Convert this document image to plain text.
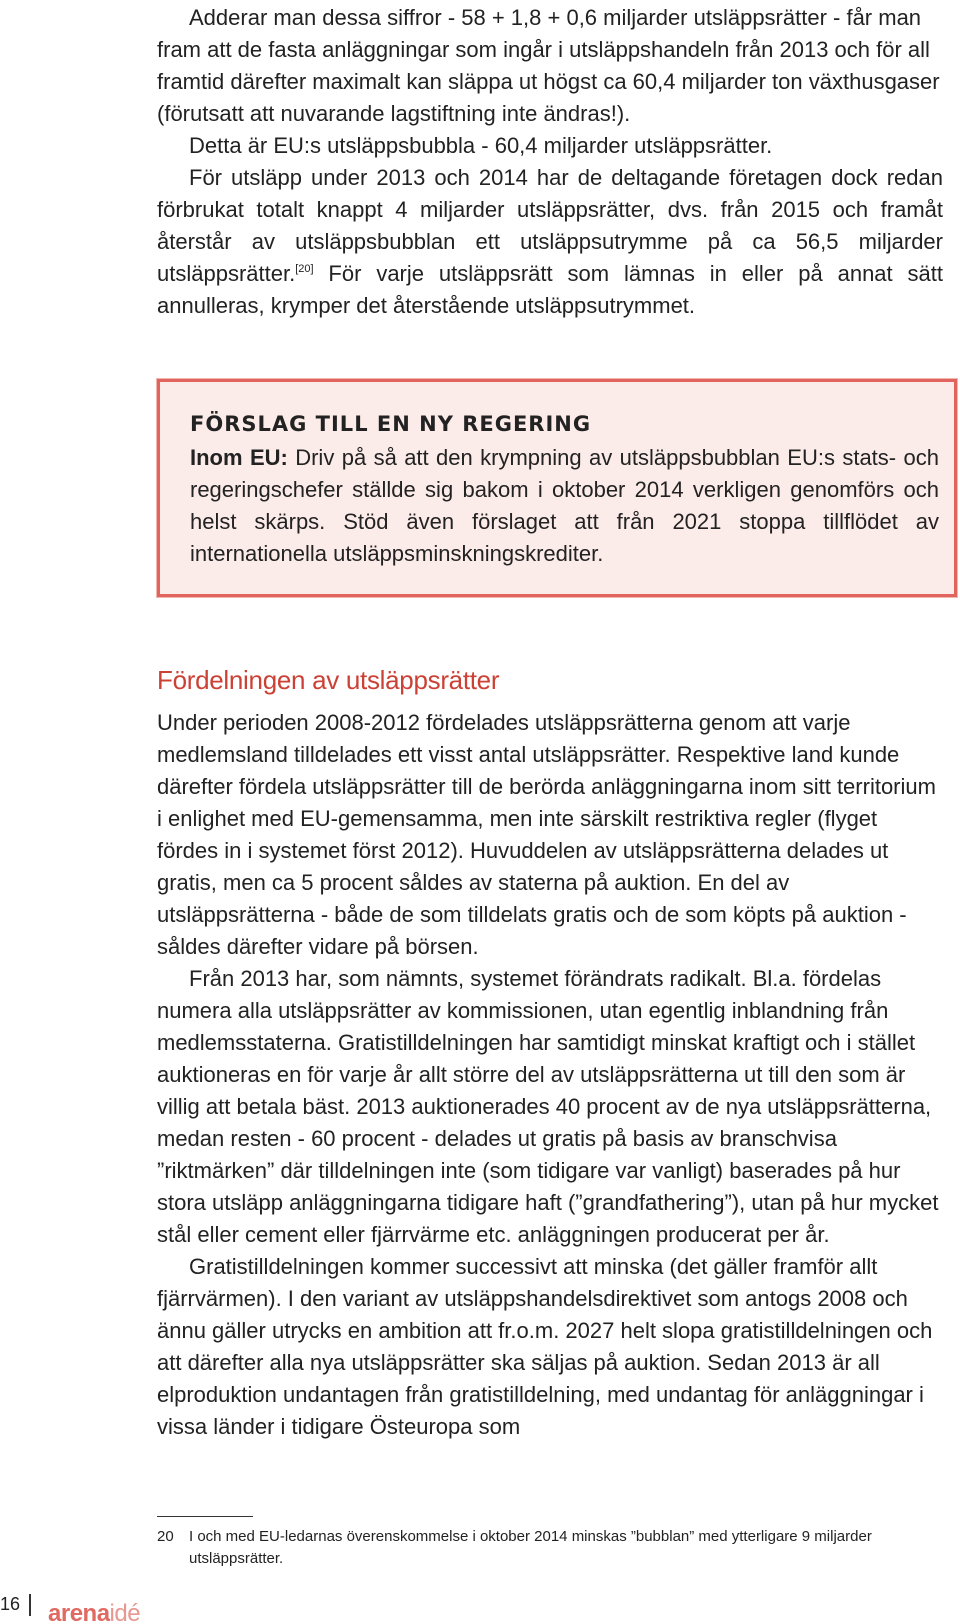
Adderar man dessa siffror - 58 + 1,8 + 0,6 miljarder utsläppsrätter - får man fram att de fasta anläggningar som ingår i utsläppshandeln från 2013 och för all framtid därefter maximalt kan släppa ut högst ca 60,4 miljarder ton växthusgaser (förutsatt att nuvarande lagstiftning inte ändras!).

Detta är EU:s utsläppsbubbla - 60,4 miljarder utsläppsrätter.

För utsläpp under 2013 och 2014 har de deltagande företagen dock redan förbrukat totalt knappt 4 miljarder utsläppsrätter, dvs. från 2015 och framåt återstår av utsläppsbubblan ett utsläppsutrymme på ca 56,5 miljarder utsläppsrätter.[20] För varje utsläppsrätt som lämnas in eller på annat sätt annulleras, krymper det återstående utsläppsutrymmet.

FÖRSLAG TILL EN NY REGERING

Inom EU: Driv på så att den krympning av utsläppsbubblan EU:s stats- och regeringschefer ställde sig bakom i oktober 2014 verkligen genomförs och helst skärps. Stöd även förslaget att från 2021 stoppa tillflödet av internationella utsläppsminskningskrediter.

Fördelningen av utsläppsrätter

Under perioden 2008-2012 fördelades utsläppsrätterna genom att varje medlemsland tilldelades ett visst antal utsläppsrätter. Respektive land kunde därefter fördela utsläppsrätter till de berörda anläggningarna inom sitt territorium i enlighet med EU-gemensamma, men inte särskilt restriktiva regler (flyget fördes in i systemet först 2012). Huvuddelen av utsläppsrätterna delades ut gratis, men ca 5 procent såldes av staterna på auktion. En del av utsläppsrätterna - både de som tilldelats gratis och de som köpts på auktion - såldes därefter vidare på börsen.

Från 2013 har, som nämnts, systemet förändrats radikalt. Bl.a. fördelas numera alla utsläppsrätter av kommissionen, utan egentlig inblandning från medlemsstaterna. Gratistilldelningen har samtidigt minskat kraftigt och i stället auktioneras en för varje år allt större del av utsläppsrätterna ut till den som är villig att betala bäst. 2013 auktionerades 40 procent av de nya utsläppsrätterna, medan resten - 60 procent - delades ut gratis på basis av branschvisa ”riktmärken” där tilldelningen inte (som tidigare var vanligt) baserades på hur stora utsläpp anläggningarna tidigare haft (”grandfathering”), utan på hur mycket stål eller cement eller fjärrvärme etc. anläggningen producerat per år.

Gratistilldelningen kommer successivt att minska (det gäller framför allt fjärrvärmen). I den variant av utsläppshandelsdirektivet som antogs 2008 och ännu gäller utrycks en ambition att fr.o.m. 2027 helt slopa gratistilldelningen och att därefter alla nya utsläppsrätter ska säljas på auktion. Sedan 2013 är all elproduktion undantagen från gratistilldelning, med undantag för anläggningar i vissa länder i tidigare Östeuropa som

20	I och med EU-ledarnas överenskommelse i oktober 2014 minskas ”bubblan” med ytterligare 9 miljarder utsläppsrätter.

16 arenaidé
